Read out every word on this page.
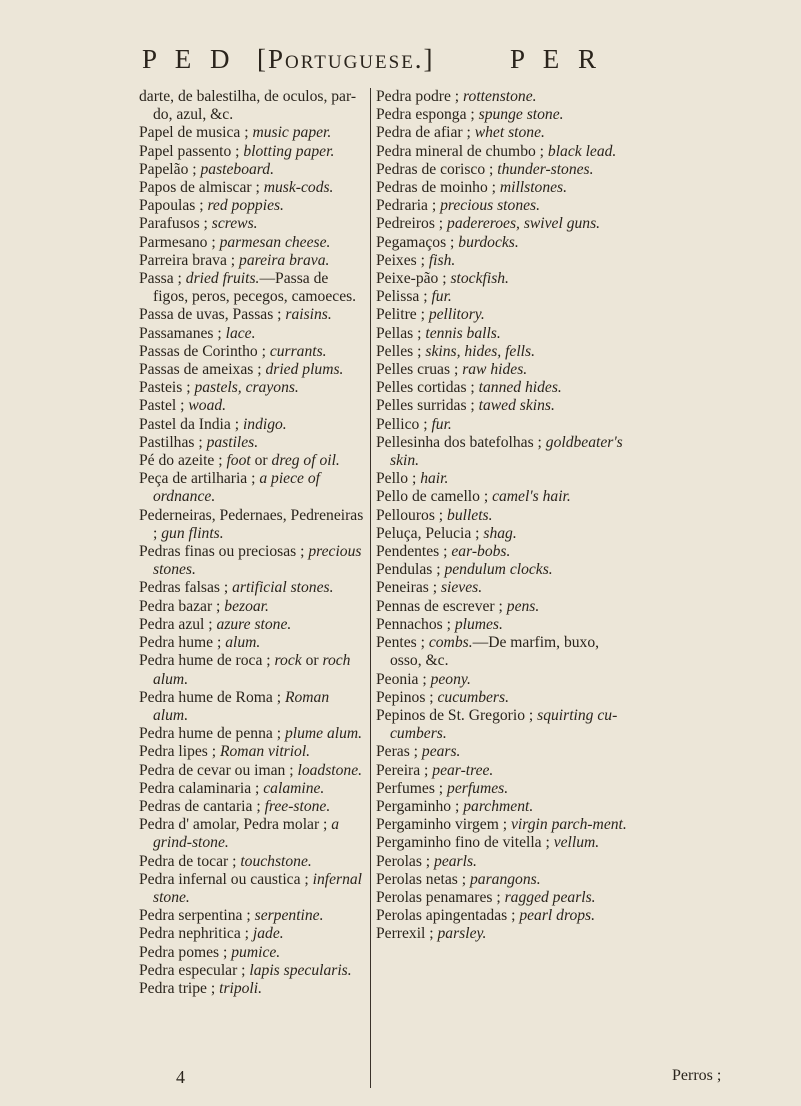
P E D [Portuguese.]	P E R

darte, de balestilha, de oculos, par-do, azul, &c.

Papel de musica ; music paper.

Papel passento ; blotting paper.

Papelão ; pasteboard.

Papos de almiscar ; musk-cods.

Papoulas ; red poppies.

Parafusos ; screws.

Parmesano ; parmesan cheese.

Parreira brava ; pareira brava.

Passa ; dried fruits.—Passa de figos, peros, pecegos, camoeces.

Passa de uvas, Passas ; raisins.

Passamanes ; lace.

Passas de Corintho ; currants.

Passas de ameixas ; dried plums.

Pasteis ; pastels, crayons.

Pastel ; woad.

Pastel da India ; indigo.

Pastilhas ; pastiles.

Pé do azeite ; foot or dreg of oil.

Peça de artilharia ; a piece of ordnance.

Pederneiras, Pedernaes, Pedreneiras ; gun flints.

Pedras finas ou preciosas ; precious stones.

Pedras falsas ; artificial stones.

Pedra bazar ; bezoar.

Pedra azul ; azure stone.

Pedra hume ; alum.

Pedra hume de roca ; rock or roch alum.

Pedra hume de Roma ; Roman alum.

Pedra hume de penna ; plume alum.

Pedra lipes ; Roman vitriol.

Pedra de cevar ou iman ; loadstone.

Pedra calaminaria ; calamine.

Pedras de cantaria ; free-stone.

Pedra d' amolar, Pedra molar ; a grind-stone.

Pedra de tocar ; touchstone.

Pedra infernal ou caustica ; infernal stone.

Pedra serpentina ; serpentine.

Pedra nephritica ; jade.

Pedra pomes ; pumice.

Pedra especular ; lapis specularis.

Pedra tripe ; tripoli.

Pedra podre ; rottenstone.

Pedra esponga ; spunge stone.

Pedra de afiar ; whet stone.

Pedra mineral de chumbo ; black lead.

Pedras de corisco ; thunder-stones.

Pedras de moinho ; millstones.

Pedraria ; precious stones.

Pedreiros ; padereroes, swivel guns.

Pegamaços ; burdocks.

Peixes ; fish.

Peixe-pão ; stockfish.

Pelissa ; fur.

Pelitre ; pellitory.

Pellas ; tennis balls.

Pelles ; skins, hides, fells.

Pelles cruas ; raw hides.

Pelles cortidas ; tanned hides.

Pelles surridas ; tawed skins.

Pellico ; fur.

Pellesinha dos batefolhas ; goldbeater's skin.

Pello ; hair.

Pello de camello ; camel's hair.

Pellouros ; bullets.

Peluça, Pelucia ; shag.

Pendentes ; ear-bobs.

Pendulas ; pendulum clocks.

Peneiras ; sieves.

Pennas de escrever ; pens.

Pennachos ; plumes.

Pentes ; combs.—De marfim, buxo, osso, &c.

Peonia ; peony.

Pepinos ; cucumbers.

Pepinos de St. Gregorio ; squirting cu-cumbers.

Peras ; pears.

Pereira ; pear-tree.

Perfumes ; perfumes.

Pergaminho ; parchment.

Pergaminho virgem ; virgin parch-ment.

Pergaminho fino de vitella ; vellum.

Perolas ; pearls.

Perolas netas ; parangons.

Perolas penamares ; ragged pearls.

Perolas apingentadas ; pearl drops.

Perrexil ; parsley.

4	Perros ;
